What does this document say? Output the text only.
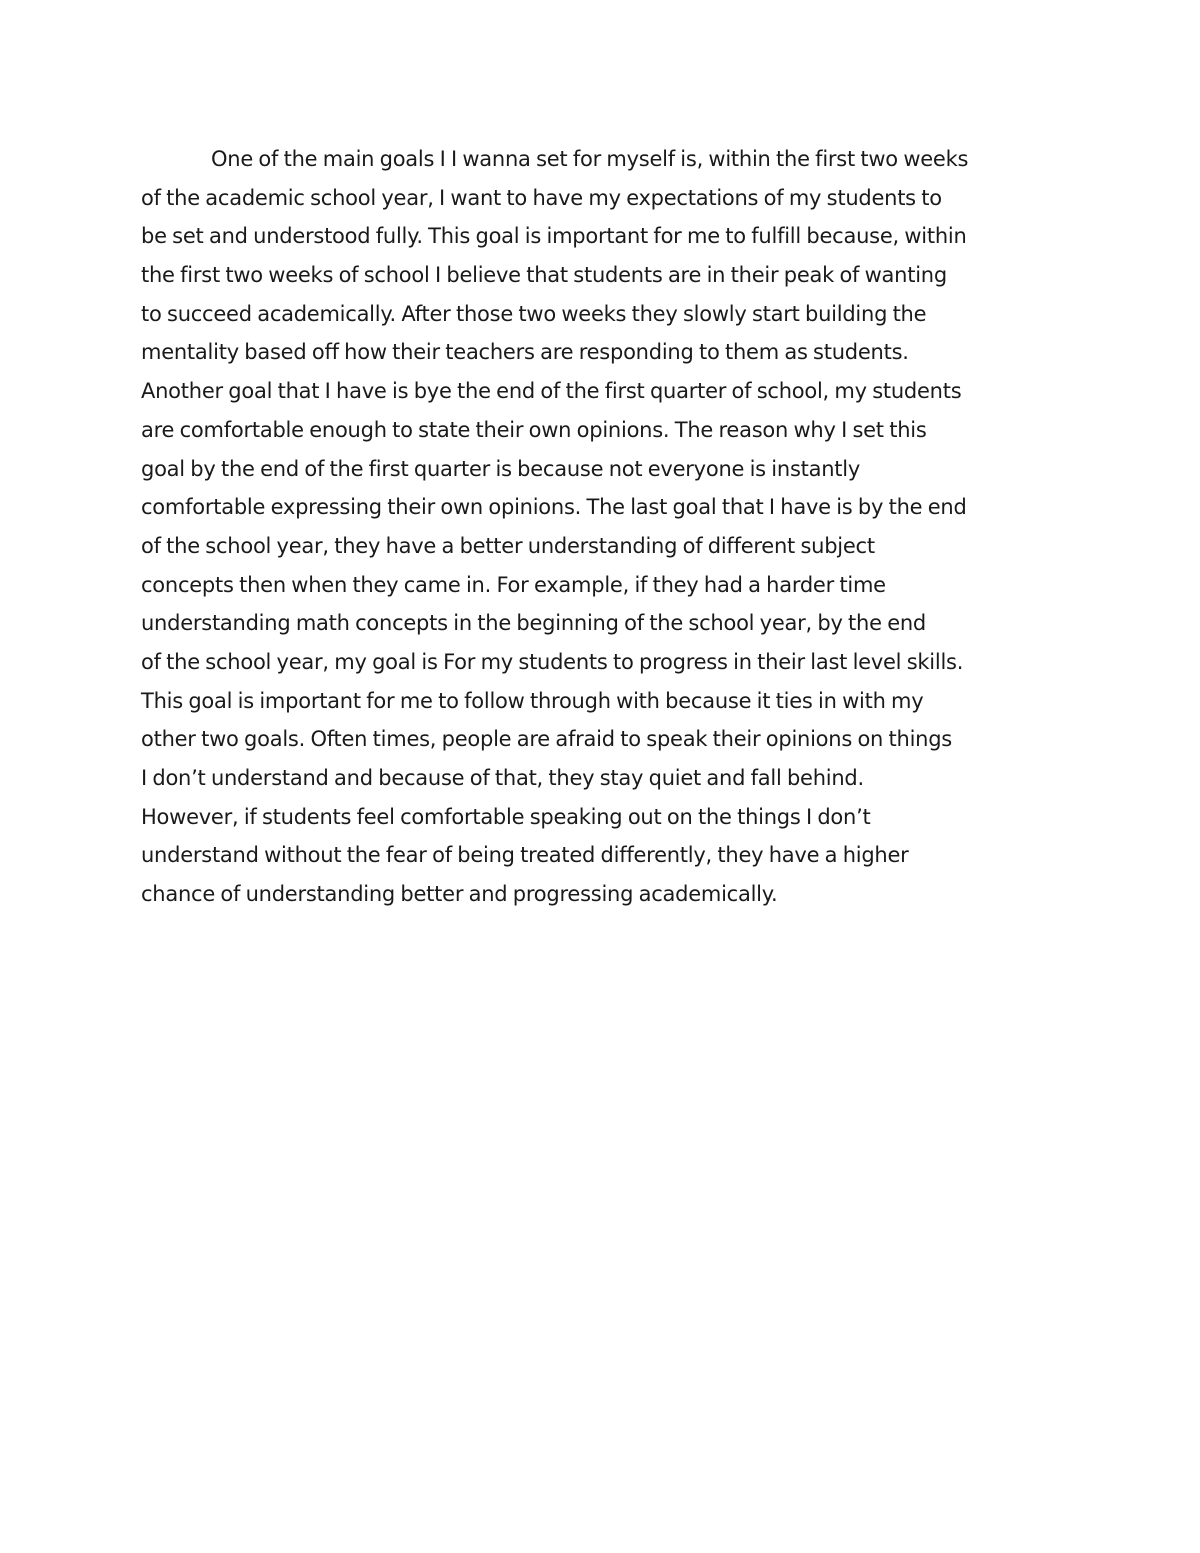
One of the main goals I I wanna set for myself is, within the first two weeks
of the academic school year, I want to have my expectations of my students to
be set and understood fully. This goal is important for me to fulfill because, within
the first two weeks of school I believe that students are in their peak of wanting
to succeed academically. After those two weeks they slowly start building the
mentality based off how their teachers are responding to them as students.
Another goal that I have is bye the end of the first quarter of school, my students
are comfortable enough to state their own opinions. The reason why I set this
goal by the end of the first quarter is because not everyone is instantly
comfortable expressing their own opinions. The last goal that I have is by the end
of the school year, they have a better understanding of different subject
concepts then when they came in. For example, if they had a harder time
understanding math concepts in the beginning of the school year, by the end
of the school year, my goal is For my students to progress in their last level skills.
This goal is important for me to follow through with because it ties in with my
other two goals. Often times, people are afraid to speak their opinions on things
I don’t understand and because of that, they stay quiet and fall behind.
However, if students feel comfortable speaking out on the things I don’t
understand without the fear of being treated differently, they have a higher
chance of understanding better and progressing academically.
